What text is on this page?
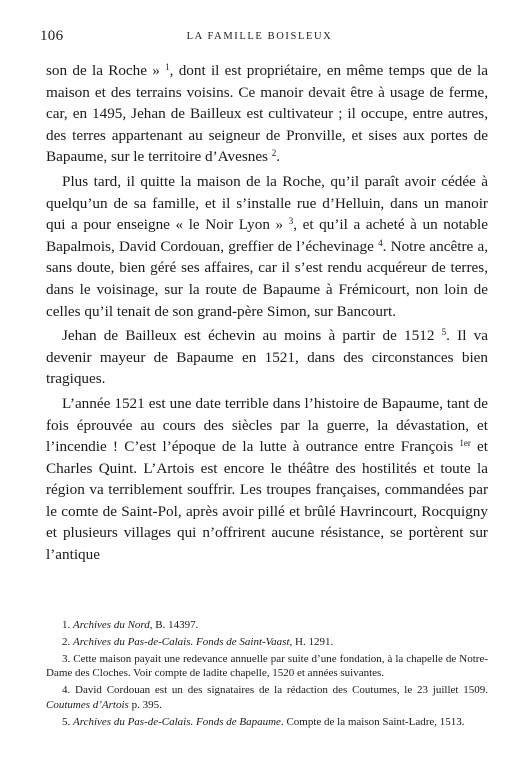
106	LA FAMILLE BOISLEUX

son de la Roche » $^1$, dont il est propriétaire, en même temps que de la maison et des terrains voisins. Ce manoir devait être à usage de ferme, car, en 1495, Jehan de Bailleux est cultivateur ; il occupe, entre autres, des terres appartenant au seigneur de Pronville, et sises aux portes de Bapaume, sur le territoire d’Avesnes $^2$.

Plus tard, il quitte la maison de la Roche, qu’il paraît avoir cédée à quelqu’un de sa famille, et il s’installe rue d’Helluin, dans un manoir qui a pour enseigne « le Noir Lyon » $^3$, et qu’il a acheté à un notable Bapalmois, David Cordouan, greffier de l’échevinage $^4$. Notre ancêtre a, sans doute, bien géré ses affaires, car il s’est rendu acquéreur de terres, dans le voisinage, sur la route de Bapaume à Frémicourt, non loin de celles qu’il tenait de son grand-père Simon, sur Bancourt.

Jehan de Bailleux est échevin au moins à partir de 1512 $^5$. Il va devenir mayeur de Bapaume en 1521, dans des circonstances bien tragiques.

L’année 1521 est une date terrible dans l’histoire de Bapaume, tant de fois éprouvée au cours des siècles par la guerre, la dévastation, et l’incendie ! C’est l’époque de la lutte à outrance entre François $^{1er}$ et Charles Quint. L’Artois est encore le théâtre des hostilités et toute la région va terriblement souffrir. Les troupes françaises, commandées par le comte de Saint-Pol, après avoir pillé et brûlé Havrincourt, Rocquigny et plusieurs villages qui n’offrirent aucune résistance, se portèrent sur l’antique

1. Archives du Nord, B. 14397.

2. Archives du Pas-de-Calais. Fonds de Saint-Vaast, H. 1291.

3. Cette maison payait une redevance annuelle par suite d’une fondation, à la chapelle de Notre-Dame des Cloches. Voir compte de ladite chapelle, 1520 et années suivantes.

4. David Cordouan est un des signataires de la rédaction des Coutumes, le 23 juillet 1509. Coutumes d’Artois p. 395.

5. Archives du Pas-de-Calais. Fonds de Bapaume. Compte de la maison Saint-Ladre, 1513.
